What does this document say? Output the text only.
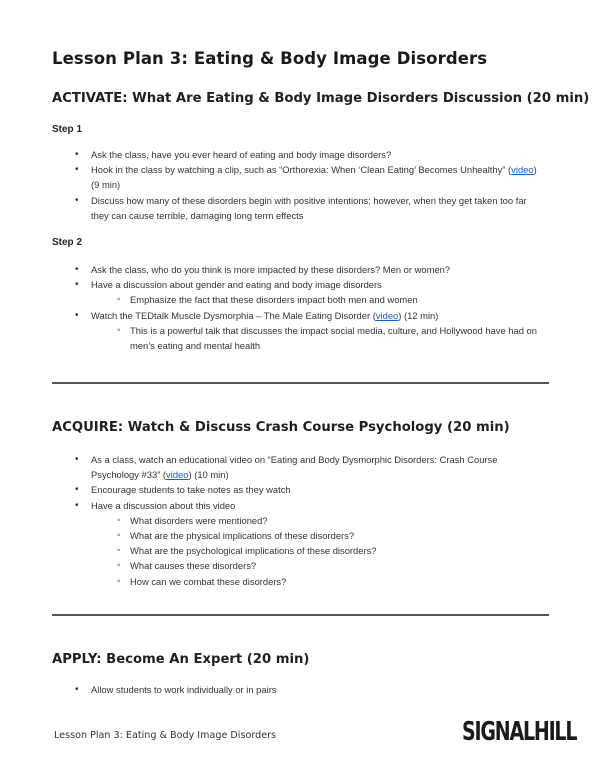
Lesson Plan 3: Eating & Body Image Disorders
ACTIVATE: What Are Eating & Body Image Disorders Discussion (20 min)
Step 1
• Ask the class, have you ever heard of eating and body image disorders?
• Hook in the class by watching a clip, such as “Orthorexia: When ‘Clean Eating’ Becomes Unhealthy” (video) (9 min)
• Discuss how many of these disorders begin with positive intentions; however, when they get taken too far they can cause terrible, damaging long term effects
Step 2
• Ask the class, who do you think is more impacted by these disorders? Men or women?
• Have a discussion about gender and eating and body image disorders
◦ Emphasize the fact that these disorders impact both men and women
• Watch the TEDtalk Muscle Dysmorphia – The Male Eating Disorder (video) (12 min)
◦ This is a powerful talk that discusses the impact social media, culture, and Hollywood have had on men’s eating and mental health
ACQUIRE: Watch & Discuss Crash Course Psychology (20 min)
• As a class, watch an educational video on “Eating and Body Dysmorphic Disorders: Crash Course Psychology #33” (video) (10 min)
• Encourage students to take notes as they watch
• Have a discussion about this video
◦ What disorders were mentioned?
◦ What are the physical implications of these disorders?
◦ What are the psychological implications of these disorders?
◦ What causes these disorders?
◦ How can we combat these disorders?
APPLY: Become An Expert (20 min)
• Allow students to work individually or in pairs
Lesson Plan 3: Eating & Body Image Disorders	SIGNALHILL
